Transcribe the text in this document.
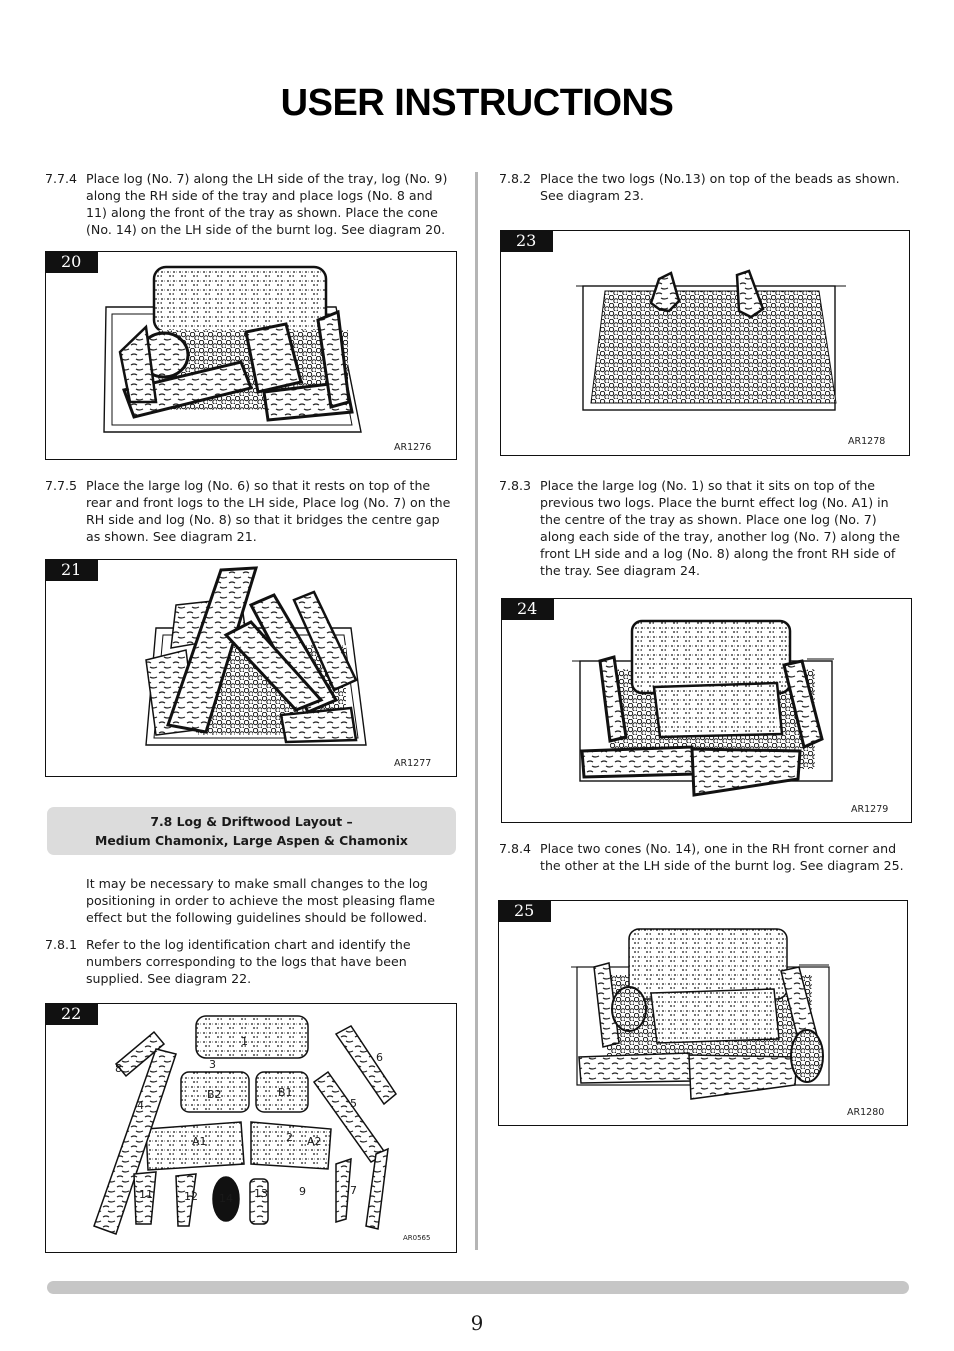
USER INSTRUCTIONS
7.7.4 Place log (No. 7) along the LH side of the tray, log (No. 9) along the RH side of the tray and place logs (No. 8 and 11) along the front of the tray as shown. Place the cone (No. 14) on the LH side of the burnt log. See diagram 20.
20
AR1276
7.7.5 Place the large log (No. 6) so that it rests on top of the rear and front logs to the LH side, Place log (No. 7) on the RH side and log (No. 8) so that it bridges the centre gap as shown. See diagram 21.
21
AR1277
7.8 Log & Driftwood Layout –
Medium Chamonix, Large Aspen & Chamonix
It may be necessary to make small changes to the log positioning in order to achieve the most pleasing flame effect but the following guidelines should be followed.
7.8.1 Refer to the log identification chart and identify the numbers corresponding to the logs that have been supplied. See diagram 22.
22
1
2
3
4	5
6
7
8
9
11	12	13
14
A1	A2
B1
B2
AR0565
7.8.2 Place the two logs (No.13) on top of the beads as shown. See diagram 23.
23
AR1278
7.8.3 Place the large log (No. 1) so that it sits on top of the previous two logs. Place the burnt effect log (No. A1) in the centre of the tray as shown. Place one log (No. 7) along each side of the tray, another log (No. 7) along the front LH side and a log (No. 8) along the front RH side of the tray. See diagram 24.
24
AR1279
7.8.4 Place two cones (No. 14), one in the RH front corner and the other at the LH side of the burnt log. See diagram 25.
25
AR1280
9
